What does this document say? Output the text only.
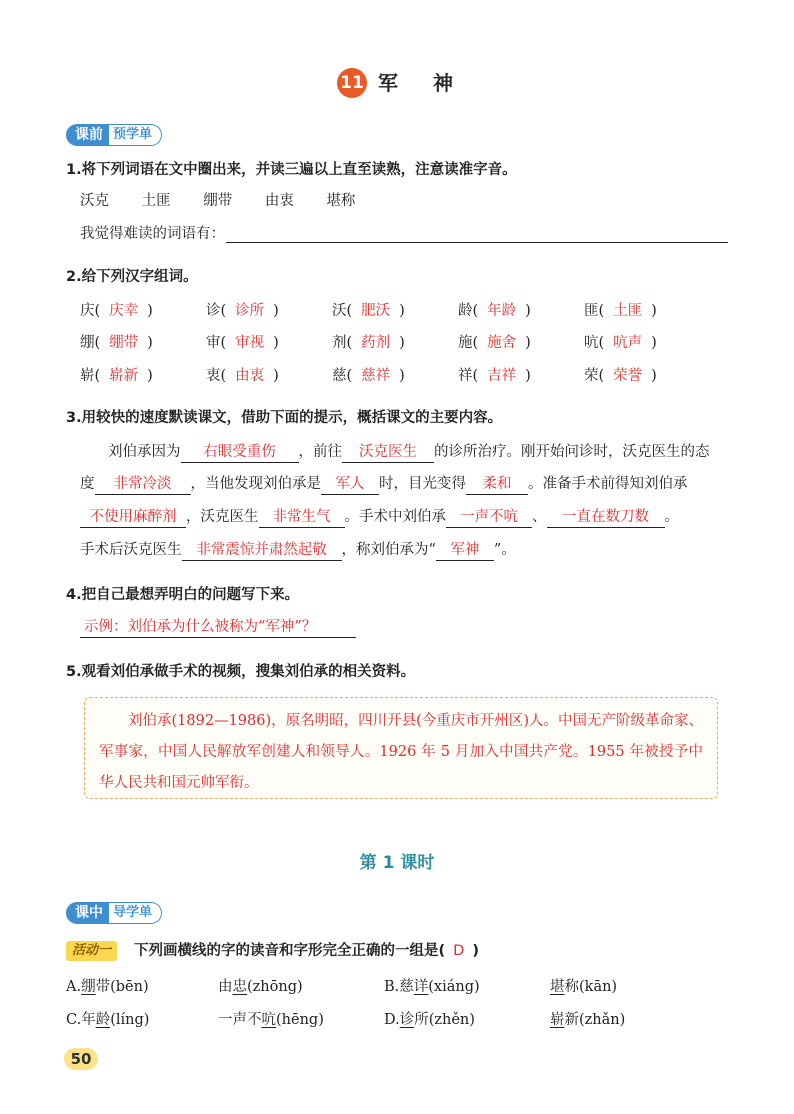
11 军 神
课前 预学单
1.将下列词语在文中圈出来，并读三遍以上直至读熟，注意读准字音。
沃克 土匪 绷带 由衷 堪称
我觉得难读的词语有：
2.给下列汉字组词。
庆( 庆幸 )	诊( 诊所 )	沃( 肥沃 )	龄( 年龄 )	匪( 土匪 )
绷( 绷带 )	审( 审视 )	剂( 药剂 )	施( 施舍 )	吭( 吭声 )
崭( 崭新 )	衷( 由衷 )	慈( 慈祥 )	祥( 吉祥 )	荣( 荣誉 )
3.用较快的速度默读课文，借助下面的提示，概括课文的主要内容。
刘伯承因为 右眼受重伤 ，前往 沃克医生 的诊所治疗。刚开始问诊时，沃克医生的态
度 非常冷淡 ，当他发现刘伯承是 军人 时，目光变得 柔和 。准备手术前得知刘伯承
不使用麻醉剂 ，沃克医生 非常生气 。手术中刘伯承 一声不吭 、 一直在数刀数 。
手术后沃克医生 非常震惊并肃然起敬 ，称刘伯承为“ 军神 ”。
4.把自己最想弄明白的问题写下来。
示例：刘伯承为什么被称为“军神”？
5.观看刘伯承做手术的视频，搜集刘伯承的相关资料。
刘伯承(1892—1986)，原名明昭，四川开县(今重庆市开州区)人。中国无产阶级革命家、军事家，中国人民解放军创建人和领导人。1926 年 5 月加入中国共产党。1955 年被授予中华人民共和国元帅军衔。
第 1 课时
课中 导学单
活动一	下列画横线的字的读音和字形完全正确的一组是( D )
A.绷带(bēn)	由忠(zhōng)	B.慈详(xiáng)	堪称(kān)
C.年龄(líng)	一声不吭(hēng)	D.诊所(zhěn)	崭新(zhǎn)
50
